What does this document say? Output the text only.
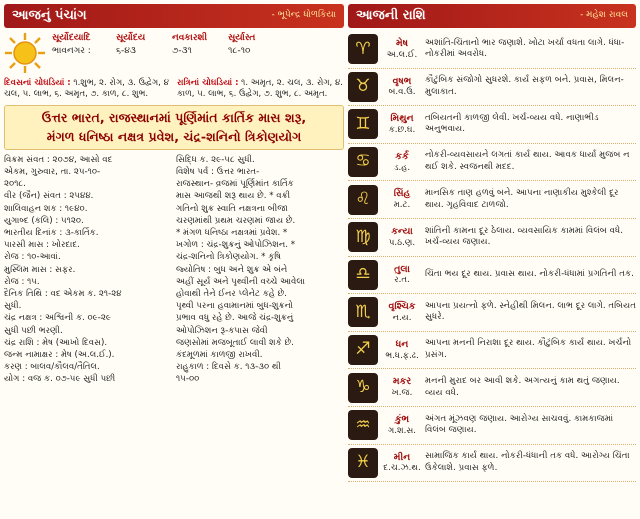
આજનું પંચાંગ	- ભૂપેન્દ્ર ધોળકિયા
સૂર્યોદયાદિ	સૂર્યોદય	નવકારશી	સૂર્યાસ્ત
ભાવનગર :	૬-૪૩	૭-૩૧	૧૮-૧૦
દિવસનાં ચોઘડિયાં : ૧.શુભ, ૨. રોગ, ૩. ઉદ્વેગ, ૪ ચલ, ૫. લાભ, ૬. અમૃત, ૭. કાળ, ૮. શુભ.
રાત્રિનાં ચોઘડિયાં : ૧. અમૃત, ૨. ચલ, ૩. રોગ, ૪. કાળ, ૫. લાભ, ૬. ઉદ્વેગ, ૭. શુભ, ૮. અમૃત.
ઉત્તર ભારત, રાજસ્થાનમાં પૂર્ણિમાંત કાર્તિક માસ શરૂ,
મંગળ ધનિષ્ઠા નક્ષત્ર પ્રવેશ, ચંદ્ર-શનિનો ત્રિકોણયોગ
વિક્રમ સંવત : ૨૦૭૪, આસો વદ
એકમ, ગુરુવાર, તા. ૨૫-૧૦-
૨૦૧૮.
વીર (જૈન) સંવત : ૨૫૪૪.
શાલિવાહન શક : ૧૯૪૦.
યુગાબ્દ (કલિ) : ૫૧૨૦.
ભારતીય દિનાંક : ૩-કાર્તિક.
પારસી માસ : ખોરદાદ.
રોજ : ૧૦-આવાં.
મુસ્લિમ માસ : સફર.
રોજ : ૧૫.
દૈનિક તિથિ : વદ એકમ ક. ૨૧-૨૪
સુધી.
ચંદ્ર નક્ષત્ર : અશ્વિની ક. ૦૯-૨૯
સુધી પછી ભરણી.
ચંદ્ર રાશિ : મેષ (આખો દિવસ).
જન્મ નામાક્ષર : મેષ (અ.લ.ઈ.).
કરણ : બાલવ/કૌલવ/તૈતિલ.
યોગ : વજ ક. ૦૭-૫૯ સુધી પછી
સિદ્ધિ ક. ૨૯-૫૮ સુધી.
વિશેષ પર્વ : ઉત્તર ભારત-
રાજસ્થાન- વ્રજમાં પૂર્ણિમાંત કાર્તિક
માસ આજથી શરૂ થાય છે. * વક્રી
ગતિનો શુક્ર સ્વાતિ નક્ષત્રના બીજા
ચરણમાંથી પ્રથમ ચરણમાં જાય છે.
* મંગળ ધનિષ્ઠા નક્ષત્રમાં પ્રવેશ. *
ખગોળ : ચંદ્ર-શુક્રનું ઓપોઝિશન. *
ચંદ્ર-શનિનો ત્રિકોણયોગ. * કૃષિ
જ્યોતિષ : બુધ અને શુક્ર એ બંને
અહીં સૂર્ય અને પૃથ્વીની વચ્ચે આવેલા
હોવાથી તેને ઈનર પ્લેનેટ કહે છે.
પૃથ્વી પરના હવામાનમાં બુધ-શુક્રનો
પ્રભાવ વધુ રહે છે. આજે ચંદ્ર-શુક્રનું
ઓપોઝિશન રૂ-કપાસ જેવી
જણસોમાં મજબૂતાઈ લાવી શકે છે.
કંદમૂળમાં કાળજી રાખવી.
રાહુકાળ : દિવસે ક. ૧૩-૩૦ થી
૧૫-૦૦
આજની રાશિ	- મહેશ રાવલ
♈	મેષ
અ.લ.ઈ.
અશાંતિ-ચિંતાનો ભાર જણાશે. ખોટા ખર્ચા વધતા લાગે. ધંધા-નોકરીમાં અવરોધ.
♉	વૃષભ
બ.વ.ઉ.
કૌટુંબિક સંજોગો સુધરશે. કાર્ય સફળ બને. પ્રવાસ, મિલન-મુલાકાત.
♊	મિથુન
ક.છ.ઘ.
તબિયતની કાળજી લેવી. ખર્ચ-વ્યય વધે. નાણાભીડ અનુભવાય.
♋	કર્ક
ડ.હ.
નોકરી-વ્યવસાયને લગતાં કાર્ય થાય. આવક ધાર્યા મુજબ ન થઈ શકે. સ્વજનથી મદદ.
♌	સિંહ
મ.ટ.
માનસિક તાણ હળવું બને. આપના નાણાકીય મુશ્કેલી દૂર થાય. ગૃહવિવાદ ટાળજો.
♍	કન્યા
પ.ઠ.ણ.
શાંતિની કામના દૂર ઠેલાય. વ્યવસાયિક કામમાં વિલંબ વધે. ખર્ચ-વ્યય જણાય.
♎	તુલા
ર.ત.
ચિંતા ભય દૂર થાય. પ્રવાસ થાય. નોકરી-ધંધામાં પ્રગતિની તક.
♏	વૃશ્ચિક
ન.ય.
આપના પ્રયત્નો ફળે. સ્નેહીથી મિલન. લાભ દૂર લાગે. તબિયત સુધરે.
♐	ધન
ભ.ધ.ફ.ઢ.
આપના મનની નિરાશા દૂર થાય. કૌટુંબિક કાર્ય થાય. ખર્ચનો પ્રસંગ.
♑	મકર
ખ.જ.
મનની મુરાદ બર આવી શકે. અગત્યનું કામ થતું જણાય. વ્યય વધે.
♒	કુંભ
ગ.શ.સ.
અંગત મૂંઝવણ જણાય. આરોગ્ય સાચવવું. કામકાજમાં વિલંબ જણાય.
♓	મીન
દ.ચ.ઝ.થ.
સામાજિક કાર્ય થાય. નોકરી-ધંધાની તક વધે. આરોગ્ય ચિંતા ઉકેલાશે. પ્રવાસ ફળે.
